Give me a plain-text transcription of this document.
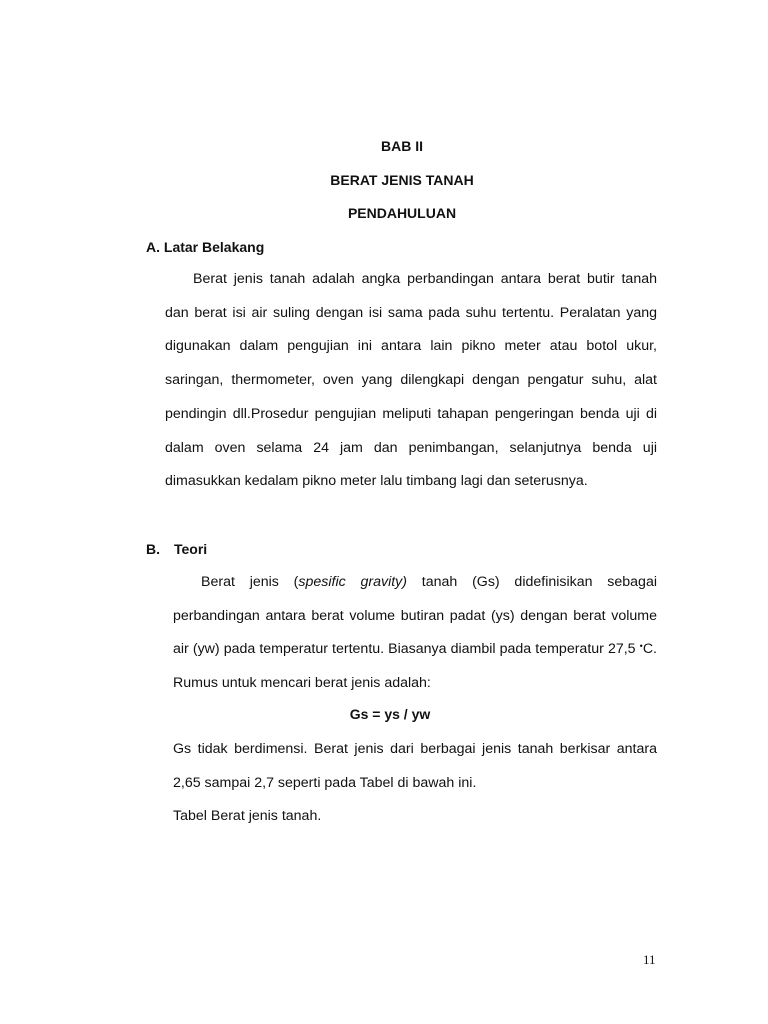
BAB II
BERAT JENIS TANAH
PENDAHULUAN
A. Latar Belakang
Berat jenis tanah adalah angka perbandingan antara berat butir tanah dan berat isi air suling dengan isi sama pada suhu tertentu. Peralatan yang digunakan dalam pengujian ini antara lain pikno meter atau botol ukur, saringan, thermometer, oven yang dilengkapi dengan pengatur suhu, alat pendingin dll.Prosedur pengujian meliputi tahapan pengeringan benda uji di dalam oven selama 24 jam dan penimbangan, selanjutnya benda uji dimasukkan kedalam pikno meter lalu timbang lagi dan seterusnya.
B. Teori
Berat jenis (spesific gravity) tanah (Gs) didefinisikan sebagai perbandingan antara berat volume butiran padat (ys) dengan berat volume air (yw) pada temperatur tertentu. Biasanya diambil pada temperatur 27,5 •C. Rumus untuk mencari berat jenis adalah:
Gs = ys / yw
Gs tidak berdimensi. Berat jenis dari berbagai jenis tanah berkisar antara 2,65 sampai 2,7 seperti pada Tabel di bawah ini.
Tabel Berat jenis tanah.
11
